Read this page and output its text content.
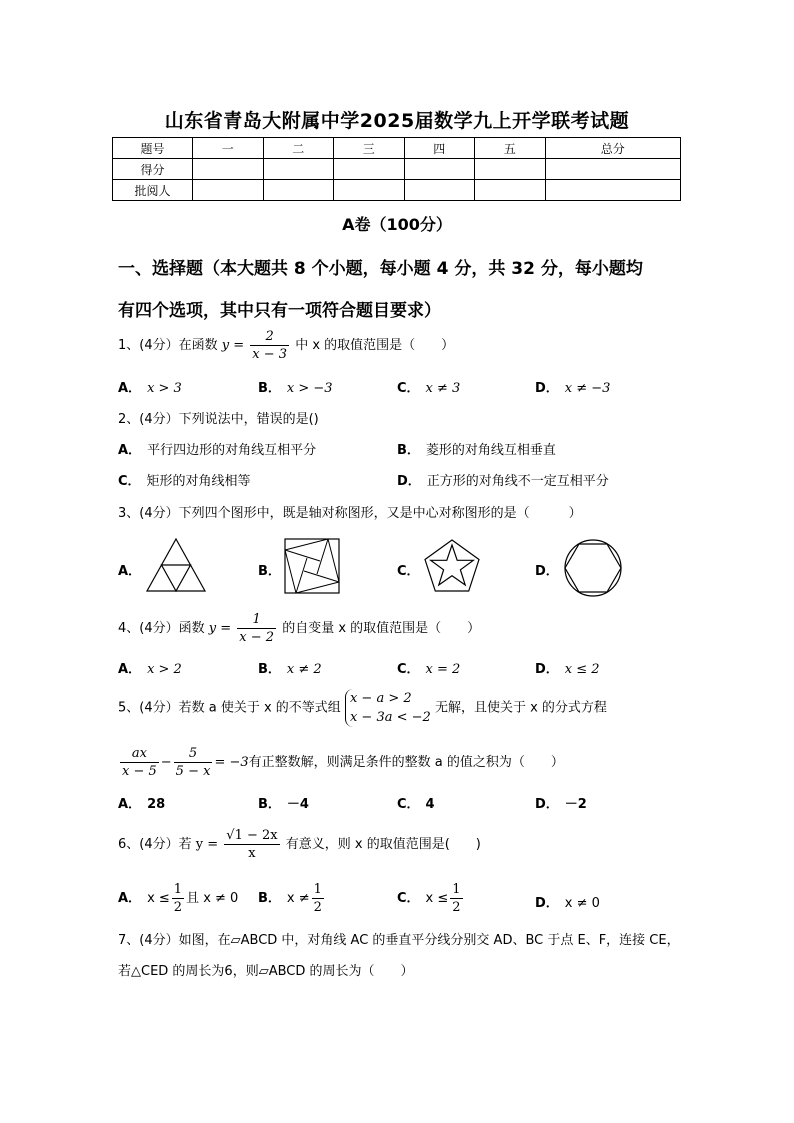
山东省青岛大附属中学2025届数学九上开学联考试题
题号	一	二	三	四	五	总分
得分						
批阅人						
A卷（100分）
一、选择题（本大题共 8 个小题，每小题 4 分，共 32 分，每小题均
有四个选项，其中只有一项符合题目要求）
1、(4分）在函数 $y = \frac{2}{x - 3}$ 中 x 的取值范围是（　　）
A． x > 3	B． x > −3	C． x ≠ 3	D． x ≠ −3
2、(4分）下列说法中，错误的是()
A． 平行四边形的对角线互相平分	B． 菱形的对角线互相垂直
C． 矩形的对角线相等	D． 正方形的对角线不一定互相平分
3、(4分）下列四个图形中，既是轴对称图形，又是中心对称图形的是（　　　）
A．	B．	C．	D．
4、(4分）函数 $y = \frac{1}{x - 2}$ 的自变量 x 的取值范围是（　　）
A． x > 2	B． x ≠ 2	C． x = 2	D． x ≤ 2
5、(4分）若数 a 使关于 x 的不等式组
x − a > 2
x − 3a < −2
无解，且使关于 x 的分式方程
$\frac{ax}{x - 5} - \frac{5}{5 - x} = -3$有正整数解，则满足条件的整数 a 的值之积为（　　）
A． 28	B． －4	C． 4	D． －2
6、(4分）若 $y = \frac{√1 - 2x}{x}$ 有意义，则 x 的取值范围是(　　)
A． $x \le \frac{1}{2}$ 且 x ≠ 0 B． $x \ne \frac{1}{2}$	C． $x \le \frac{1}{2}$	D． x ≠ 0
7、(4分）如图，在▱ABCD 中，对角线 AC 的垂直平分线分别交 AD、BC 于点 E、F，连接 CE，
若△CED 的周长为6，则▱ABCD 的周长为（　　）
